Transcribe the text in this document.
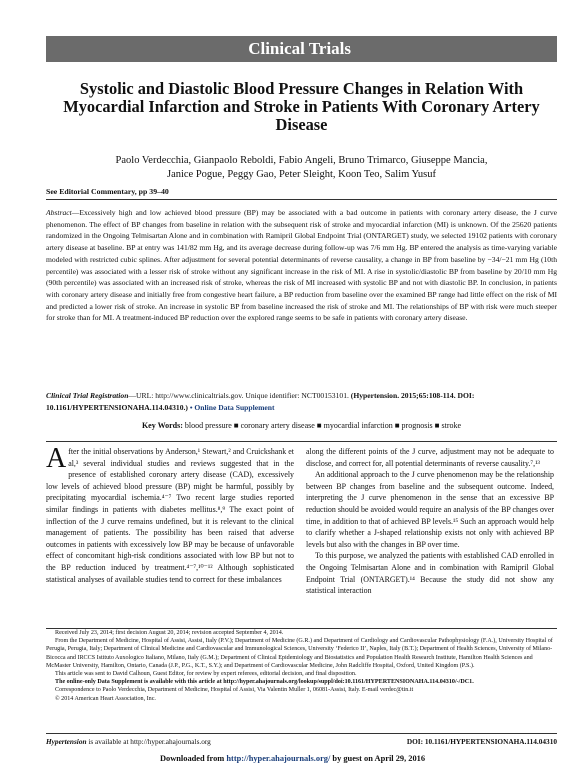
Clinical Trials
Systolic and Diastolic Blood Pressure Changes in Relation With Myocardial Infarction and Stroke in Patients With Coronary Artery Disease
Paolo Verdecchia, Gianpaolo Reboldi, Fabio Angeli, Bruno Trimarco, Giuseppe Mancia,
Janice Pogue, Peggy Gao, Peter Sleight, Koon Teo, Salim Yusuf
See Editorial Commentary, pp 39–40

Abstract—Excessively high and low achieved blood pressure (BP) may be associated with a bad outcome in patients with coronary artery disease, the J curve phenomenon. The effect of BP changes from baseline in relation with the subsequent risk of stroke and myocardial infarction (MI) is unknown. Of the 25620 patients randomized in the Ongoing Telmisartan Alone and in combination with Ramipril Global Endpoint Trial (ONTARGET) study, we selected 19102 patients with coronary artery disease at baseline. BP at entry was 141/82 mm Hg, and its average decrease during follow-up was 7/6 mm Hg. BP entered the analysis as time-varying variable modeled with restricted cubic splines. After adjustment for several potential determinants of reverse causality, a change in BP from baseline by −34/−21 mm Hg (10th percentile) was associated with a lesser risk of stroke without any significant increase in the risk of MI. A rise in systolic/diastolic BP from baseline by 20/10 mm Hg (90th percentile) was associated with an increased risk of stroke, whereas the risk of MI increased with systolic BP and not with diastolic BP. In conclusion, in patients with coronary artery disease and initially free from congestive heart failure, a BP reduction from baseline over the examined BP range had little effect on the risk of MI and predicted a lower risk of stroke. An increase in systolic BP from baseline increased the risk of stroke and MI. The relationships of BP with risk were much steeper for stroke than for MI. A treatment-induced BP reduction over the explored range seems to be safe in patients with coronary artery disease.

Clinical Trial Registration—URL: http://www.clinicaltrials.gov. Unique identifier: NCT00153101. (Hypertension. 2015;65:108-114. DOI: 10.1161/HYPERTENSIONAHA.114.04310.) • Online Data Supplement
Key Words: blood pressure ■ coronary artery disease ■ myocardial infarction ■ prognosis ■ stroke

After the initial observations by Anderson,¹ Stewart,² and Cruickshank et al,³ several individual studies and reviews suggested that in the presence of established coronary artery disease (CAD), excessively low levels of achieved blood pressure (BP) might be harmful, possibly by precipitating myocardial ischemia.⁴⁻⁷ Two recent large studies reported similar findings in patients with diabetes mellitus.⁸,⁹ The exact point of inflection of the J curve remains undefined, but it is relevant to the clinical management of patients. The possibility has been raised that adverse outcomes in patients with excessively low BP may be because of unfavorable effect of concomitant high-risk conditions associated with low BP but not to the BP reduction induced by treatment.⁴⁻⁷,¹⁰⁻¹² Although sophisticated statistical analyses of available studies tend to correct for these imbalances

along the different points of the J curve, adjustment may not be adequate to disclose, and correct for, all potential determinants of reverse causality.⁷,¹³

An additional approach to the J curve phenomenon may be the relationship between BP changes from baseline and the subsequent outcome. Indeed, interpreting the J curve phenomenon in the sense that an excessive BP reduction should be avoided would require an analysis of the BP changes over time, in addition to that of achieved BP levels.¹⁵ Such an approach would help to clarify whether a J-shaped relationship exists not only with achieved BP levels but also with the changes in BP over time.

To this purpose, we analyzed the patients with established CAD enrolled in the Ongoing Telmisartan Alone and in combination with Ramipril Global Endpoint Trial (ONTARGET).¹⁴ Because the study did not show any statistical interaction

Received July 23, 2014; first decision August 20, 2014; revision accepted September 4, 2014.

From the Department of Medicine, Hospital of Assisi, Assisi, Italy (P.V.); Department of Medicine (G.R.) and Department of Cardiology and Cardiovascular Pathophysiology (F.A.), University Hospital of Perugia, Perugia, Italy; Department of Clinical Medicine and Cardiovascular and Immunological Sciences, University ‘Federico II’, Naples, Italy (B.T.); Department of Health Sciences, University of Milano-Bicocca and IRCCS Istituto Auxologico Italiano, Milano, Italy (G.M.); Department of Clinical Epidemiology and Biostatistics and Population Health Research Institute, Hamilton Health Sciences and McMaster University, Hamilton, Ontario, Canada (J.P., P.G., K.T., S.Y.); and Department of Cardiovascular Medicine, John Radcliffe Hospital, Oxford, United Kingdom (P.S.).

This article was sent to David Calhoun, Guest Editor, for review by expert referees, editorial decision, and final disposition.

The online-only Data Supplement is available with this article at http://hyper.ahajournals.org/lookup/suppl/doi:10.1161/HYPERTENSIONAHA.114.04310/-/DC1.

Correspondence to Paolo Verdecchia, Department of Medicine, Hospital of Assisi, Via Valentin Muller 1, 06081-Assisi, Italy. E-mail verdec@tin.it

© 2014 American Heart Association, Inc.

Hypertension is available at http://hyper.ahajournals.org	DOI: 10.1161/HYPERTENSIONAHA.114.04310
Downloaded from http://hyper.ahajournals.org/ by guest on April 29, 2016
